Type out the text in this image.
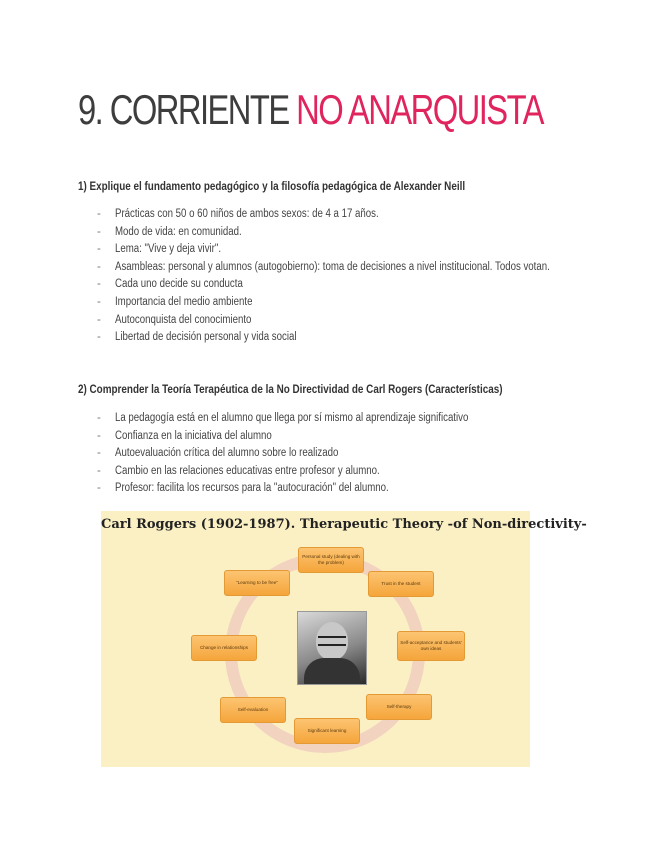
9. CORRIENTE NO ANARQUISTA

1) Explique el fundamento pedagógico y la filosofía pedagógica de Alexander Neill

- Prácticas con 50 o 60 niños de ambos sexos: de 4 a 17 años.
- Modo de vida: en comunidad.
- Lema: "Vive y deja vivir".
- Asambleas: personal y alumnos (autogobierno): toma de decisiones a nivel institucional. Todos votan.
- Cada uno decide su conducta
- Importancia del medio ambiente
- Autoconquista del conocimiento
- Libertad de decisión personal y vida social

2) Comprender la Teoría Terapéutica de la No Directividad de Carl Rogers (Características)

- La pedagogía está en el alumno que llega por sí mismo al aprendizaje significativo
- Confianza en la iniciativa del alumno
- Autoevaluación crítica del alumno sobre lo realizado
- Cambio en las relaciones educativas entre profesor y alumno.
- Profesor: facilita los recursos para la "autocuración" del alumno.
Carl Roggers (1902-1987). Therapeutic Theory -of Non-directivity-
Personal study (dealing with the problem)
Trust in the student
Self-acceptance and students' own ideas
Self-therapy
Significant learning
Self-evaluation
Change in relationships
"Learning to be free"
